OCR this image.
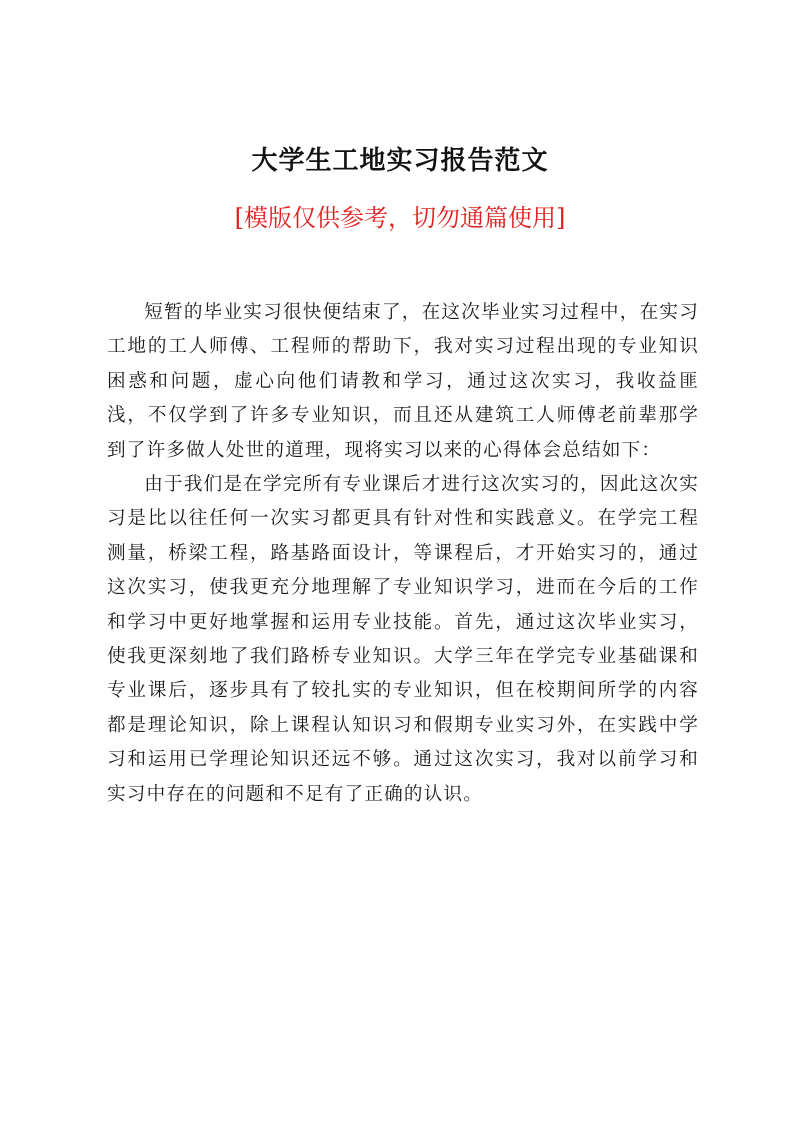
大学生工地实习报告范文
[模版仅供参考，切勿通篇使用]

短暂的毕业实习很快便结束了，在这次毕业实习过程中，在实习工地的工人师傅、工程师的帮助下，我对实习过程出现的专业知识困惑和问题，虚心向他们请教和学习，通过这次实习，我收益匪浅，不仅学到了许多专业知识，而且还从建筑工人师傅老前辈那学到了许多做人处世的道理，现将实习以来的心得体会总结如下：

由于我们是在学完所有专业课后才进行这次实习的，因此这次实习是比以往任何一次实习都更具有针对性和实践意义。在学完工程测量，桥梁工程，路基路面设计，等课程后，才开始实习的，通过这次实习，使我更充分地理解了专业知识学习，进而在今后的工作和学习中更好地掌握和运用专业技能。首先，通过这次毕业实习，使我更深刻地了我们路桥专业知识。大学三年在学完专业基础课和专业课后，逐步具有了较扎实的专业知识，但在校期间所学的内容都是理论知识，除上课程认知识习和假期专业实习外，在实践中学习和运用已学理论知识还远不够。通过这次实习，我对以前学习和实习中存在的问题和不足有了正确的认识。
